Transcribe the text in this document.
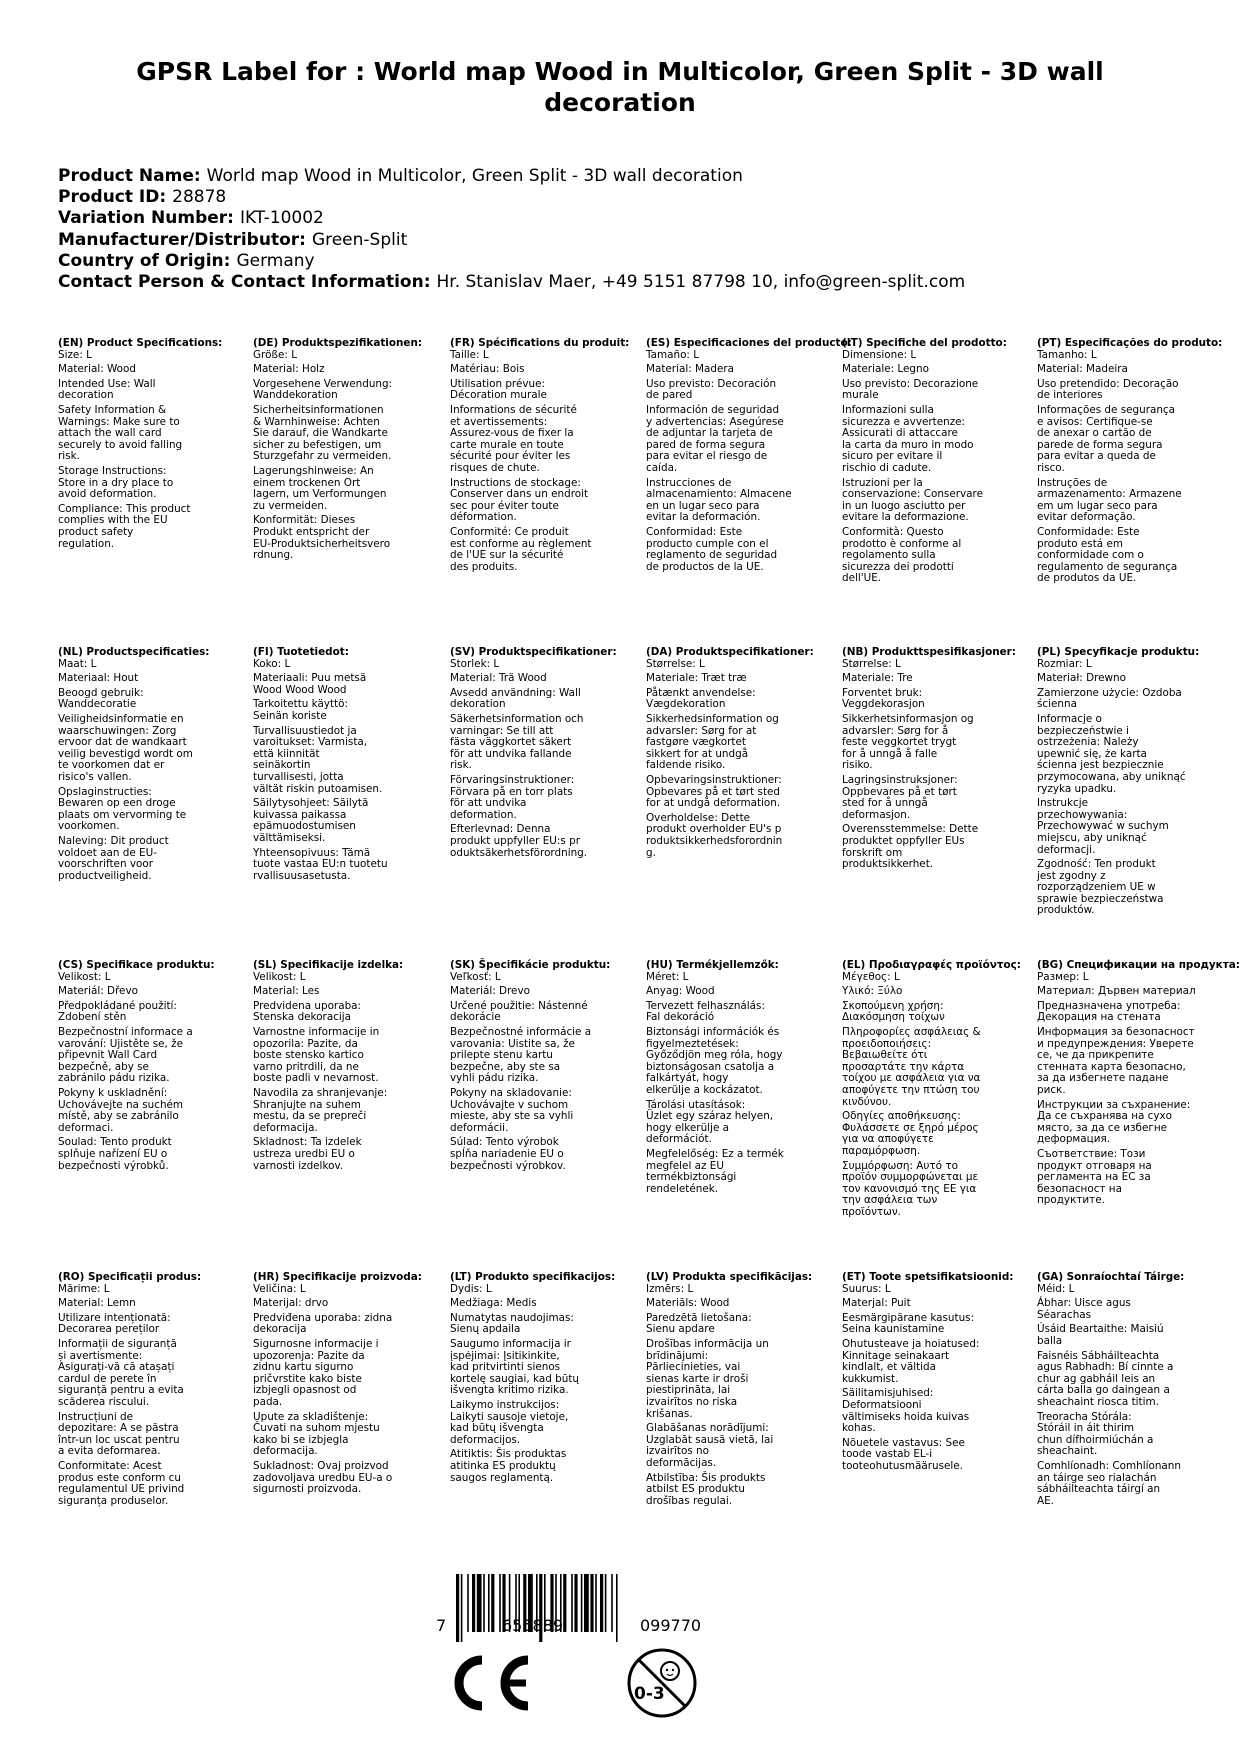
GPSR Label for : World map Wood in Multicolor, Green Split - 3D wall decoration
Product Name: World map Wood in Multicolor, Green Split - 3D wall decoration
Product ID: 28878
Variation Number: IKT-10002
Manufacturer/Distributor: Green-Split
Country of Origin: Germany
Contact Person & Contact Information: Hr. Stanislav Maer, +49 5151 87798 10, info@green-split.com
(EN) Product Specifications:
Size: L
Material: Wood
Intended Use: Wall
decoration
Safety Information &
Warnings: Make sure to
attach the wall card
securely to avoid falling
risk.
Storage Instructions:
Store in a dry place to
avoid deformation.
Compliance: This product
complies with the EU
product safety
regulation.
(DE) Produktspezifikationen:
Größe: L
Material: Holz
Vorgesehene Verwendung:
Wanddekoration
Sicherheitsinformationen
& Warnhinweise: Achten
Sie darauf, die Wandkarte
sicher zu befestigen, um
Sturzgefahr zu vermeiden.
Lagerungshinweise: An
einem trockenen Ort
lagern, um Verformungen
zu vermeiden.
Konformität: Dieses
Produkt entspricht der
EU-Produktsicherheitsvero
rdnung.
(FR) Spécifications du produit:
Taille: L
Matériau: Bois
Utilisation prévue:
Décoration murale
Informations de sécurité
et avertissements:
Assurez-vous de fixer la
carte murale en toute
sécurité pour éviter les
risques de chute.
Instructions de stockage:
Conserver dans un endroit
sec pour éviter toute
déformation.
Conformité: Ce produit
est conforme au règlement
de l'UE sur la sécurité
des produits.
(ES) Especificaciones del producto:
Tamaño: L
Material: Madera
Uso previsto: Decoración
de pared
Información de seguridad
y advertencias: Asegúrese
de adjuntar la tarjeta de
pared de forma segura
para evitar el riesgo de
caída.
Instrucciones de
almacenamiento: Almacene
en un lugar seco para
evitar la deformación.
Conformidad: Este
producto cumple con el
reglamento de seguridad
de productos de la UE.
(IT) Specifiche del prodotto:
Dimensione: L
Materiale: Legno
Uso previsto: Decorazione
murale
Informazioni sulla
sicurezza e avvertenze:
Assicurati di attaccare
la carta da muro in modo
sicuro per evitare il
rischio di cadute.
Istruzioni per la
conservazione: Conservare
in un luogo asciutto per
evitare la deformazione.
Conformità: Questo
prodotto è conforme al
regolamento sulla
sicurezza dei prodotti
dell'UE.
(PT) Especificações do produto:
Tamanho: L
Material: Madeira
Uso pretendido: Decoração
de interiores
Informações de segurança
e avisos: Certifique-se
de anexar o cartão de
parede de forma segura
para evitar a queda de
risco.
Instruções de
armazenamento: Armazene
em um lugar seco para
evitar deformação.
Conformidade: Este
produto está em
conformidade com o
regulamento de segurança
de produtos da UE.
(NL) Productspecificaties:
Maat: L
Materiaal: Hout
Beoogd gebruik:
Wanddecoratie
Veiligheidsinformatie en
waarschuwingen: Zorg
ervoor dat de wandkaart
veilig bevestigd wordt om
te voorkomen dat er
risico's vallen.
Opslaginstructies:
Bewaren op een droge
plaats om vervorming te
voorkomen.
Naleving: Dit product
voldoet aan de EU-
voorschriften voor
productveiligheid.
(FI) Tuotetiedot:
Koko: L
Materiaali: Puu metsä
Wood Wood Wood
Tarkoitettu käyttö:
Seinän koriste
Turvallisuustiedot ja
varoitukset: Varmista,
että kiinnität
seinäkortin
turvallisesti, jotta
vältät riskin putoamisen.
Säilytysohjeet: Säilytä
kuivassa paikassa
epämuodostumisen
välttämiseksi.
Yhteensopivuus: Tämä
tuote vastaa EU:n tuotetu
rvallisuusasetusta.
(SV) Produktspecifikationer:
Storlek: L
Material: Trä Wood
Avsedd användning: Wall
dekoration
Säkerhetsinformation och
varningar: Se till att
fästa väggkortet säkert
för att undvika fallande
risk.
Förvaringsinstruktioner:
Förvara på en torr plats
för att undvika
deformation.
Efterlevnad: Denna
produkt uppfyller EU:s pr
oduktsäkerhetsförordning.
(DA) Produktspecifikationer:
Størrelse: L
Materiale: Træt træ
Påtænkt anvendelse:
Vægdekoration
Sikkerhedsinformation og
advarsler: Sørg for at
fastgøre vægkortet
sikkert for at undgå
faldende risiko.
Opbevaringsinstruktioner:
Opbevares på et tørt sted
for at undgå deformation.
Overholdelse: Dette
produkt overholder EU's p
roduktsikkerhedsforordnin
g.
(NB) Produkttspesifikasjoner:
Størrelse: L
Materiale: Tre
Forventet bruk:
Veggdekorasjon
Sikkerhetsinformasjon og
advarsler: Sørg for å
feste veggkortet trygt
for å unngå å falle
risiko.
Lagringsinstruksjoner:
Oppbevares på et tørt
sted for å unngå
deformasjon.
Overensstemmelse: Dette
produktet oppfyller EUs
forskrift om
produktsikkerhet.
(PL) Specyfikacje produktu:
Rozmiar: L
Materiał: Drewno
Zamierzone użycie: Ozdoba
ścienna
Informacje o
bezpieczeństwie i
ostrzeżenia: Należy
upewnić się, że karta
ścienna jest bezpiecznie
przymocowana, aby uniknąć
ryzyka upadku.
Instrukcje
przechowywania:
Przechowywać w suchym
miejscu, aby uniknąć
deformacji.
Zgodność: Ten produkt
jest zgodny z
rozporządzeniem UE w
sprawie bezpieczeństwa
produktów.
(CS) Specifikace produktu:
Velikost: L
Materiál: Dřevo
Předpokládané použití:
Zdobení stěn
Bezpečnostní informace a
varování: Ujistěte se, že
připevnit Wall Card
bezpečně, aby se
zabránilo pádu rizika.
Pokyny k uskladnění:
Uchovávejte na suchém
místě, aby se zabránilo
deformaci.
Soulad: Tento produkt
splňuje nařízení EU o
bezpečnosti výrobků.
(SL) Specifikacije izdelka:
Velikost: L
Material: Les
Predvidena uporaba:
Stenska dekoracija
Varnostne informacije in
opozorila: Pazite, da
boste stensko kartico
varno pritrdili, da ne
boste padli v nevarnost.
Navodila za shranjevanje:
Shranjujte na suhem
mestu, da se prepreči
deformacija.
Skladnost: Ta izdelek
ustreza uredbi EU o
varnosti izdelkov.
(SK) Špecifikácie produktu:
Veľkosť: L
Materiál: Drevo
Určené použitie: Nástenné
dekorácie
Bezpečnostné informácie a
varovania: Uistite sa, že
prilepte stenu kartu
bezpečne, aby ste sa
vyhli pádu rizika.
Pokyny na skladovanie:
Uchovávajte v suchom
mieste, aby ste sa vyhli
deformácii.
Súlad: Tento výrobok
spĺňa nariadenie EU o
bezpečnosti výrobkov.
(HU) Termékjellemzők:
Méret: L
Anyag: Wood
Tervezett felhasználás:
Fal dekoráció
Biztonsági információk és
figyelmeztetések:
Győződjön meg róla, hogy
biztonságosan csatolja a
falkártyát, hogy
elkerülje a kockázatot.
Tárolási utasítások:
Üzlet egy száraz helyen,
hogy elkerülje a
deformációt.
Megfelelőség: Ez a termék
megfelel az EU
termékbiztonsági
rendeletének.
(EL) Προδιαγραφές προϊόντος:
Μέγεθος: L
Υλικό: Ξύλο
Σκοπούμενη χρήση:
Διακόσμηση τοίχων
Πληροφορίες ασφάλειας &
προειδοποιήσεις:
Βεβαιωθείτε ότι
προσαρτάτε την κάρτα
τοίχου με ασφάλεια για να
αποφύγετε την πτώση του
κινδύνου.
Οδηγίες αποθήκευσης:
Φυλάσσετε σε ξηρό μέρος
για να αποφύγετε
παραμόρφωση.
Συμμόρφωση: Αυτό το
προϊόν συμμορφώνεται με
τον κανονισμό της ΕΕ για
την ασφάλεια των
προϊόντων.
(BG) Спецификации на продукта:
Размер: L
Материал: Дървен материал
Предназначена употреба:
Декорация на стената
Информация за безопасност
и предупреждения: Уверете
се, че да прикрепите
стенната карта безопасно,
за да избегнете падане
риск.
Инструкции за съхранение:
Да се съхранява на сухо
място, за да се избегне
деформация.
Съответствие: Този
продукт отговаря на
регламента на ЕС за
безопасност на
продуктите.
(RO) Specificații produs:
Mărime: L
Material: Lemn
Utilizare intenționată:
Decorarea pereților
Informații de siguranță
și avertismente:
Asigurați-vă că atașați
cardul de perete în
siguranță pentru a evita
scăderea riscului.
Instrucțiuni de
depozitare: A se păstra
într-un loc uscat pentru
a evita deformarea.
Conformitate: Acest
produs este conform cu
regulamentul UE privind
siguranța produselor.
(HR) Specifikacije proizvoda:
Veličina: L
Materijal: drvo
Predviđena uporaba: zidna
dekoracija
Sigurnosne informacije i
upozorenja: Pazite da
zidnu kartu sigurno
pričvrstite kako biste
izbjegli opasnost od
pada.
Upute za skladištenje:
Čuvati na suhom mjestu
kako bi se izbjegla
deformacija.
Sukladnost: Ovaj proizvod
zadovoljava uredbu EU-a o
sigurnosti proizvoda.
(LT) Produkto specifikacijos:
Dydis: L
Medžiaga: Medis
Numatytas naudojimas:
Sienų apdaila
Saugumo informacija ir
įspėjimai: Įsitikinkite,
kad pritvirtinti sienos
kortelę saugiai, kad būtų
išvengta kritimo rizika.
Laikymo instrukcijos:
Laikyti sausoje vietoje,
kad būtų išvengta
deformacijos.
Atitiktis: Šis produktas
atitinka ES produktų
saugos reglamentą.
(LV) Produkta specifikācijas:
Izmērs: L
Materiāls: Wood
Paredzētā lietošana:
Sienu apdare
Drošības informācija un
brīdinājumi:
Pārliecinieties, vai
sienas karte ir droši
piestiprināta, lai
izvairītos no riska
krišanas.
Glabāšanas norādījumi:
Uzglabāt sausā vietā, lai
izvairītos no
deformācijas.
Atbilstība: Šis produkts
atbilst ES produktu
drošības regulai.
(ET) Toote spetsifikatsioonid:
Suurus: L
Materjal: Puit
Eesmärgipärane kasutus:
Seina kaunistamine
Ohutusteave ja hoiatused:
Kinnitage seinakaart
kindlalt, et vältida
kukkumist.
Säilitamisjuhised:
Deformatsiooni
vältimiseks hoida kuivas
kohas.
Nõuetele vastavus: See
toode vastab EL-i
tooteohutusmäärusele.
(GA) Sonraíochtaí Táirge:
Méid: L
Ábhar: Uisce agus
Séarachas
Úsáid Beartaithe: Maisiú
balla
Faisnéis Sábháilteachta
agus Rabhadh: Bí cinnte a
chur ag gabháil leis an
cárta balla go daingean a
sheachaint riosca titim.
Treoracha Stórála:
Stóráil in áit thirim
chun dífhoirmiúchán a
sheachaint.
Comhlíonadh: Comhlíonann
an táirge seo rialachán
sábháilteachta táirgí an
AE.
7	655889	099770
0-3
